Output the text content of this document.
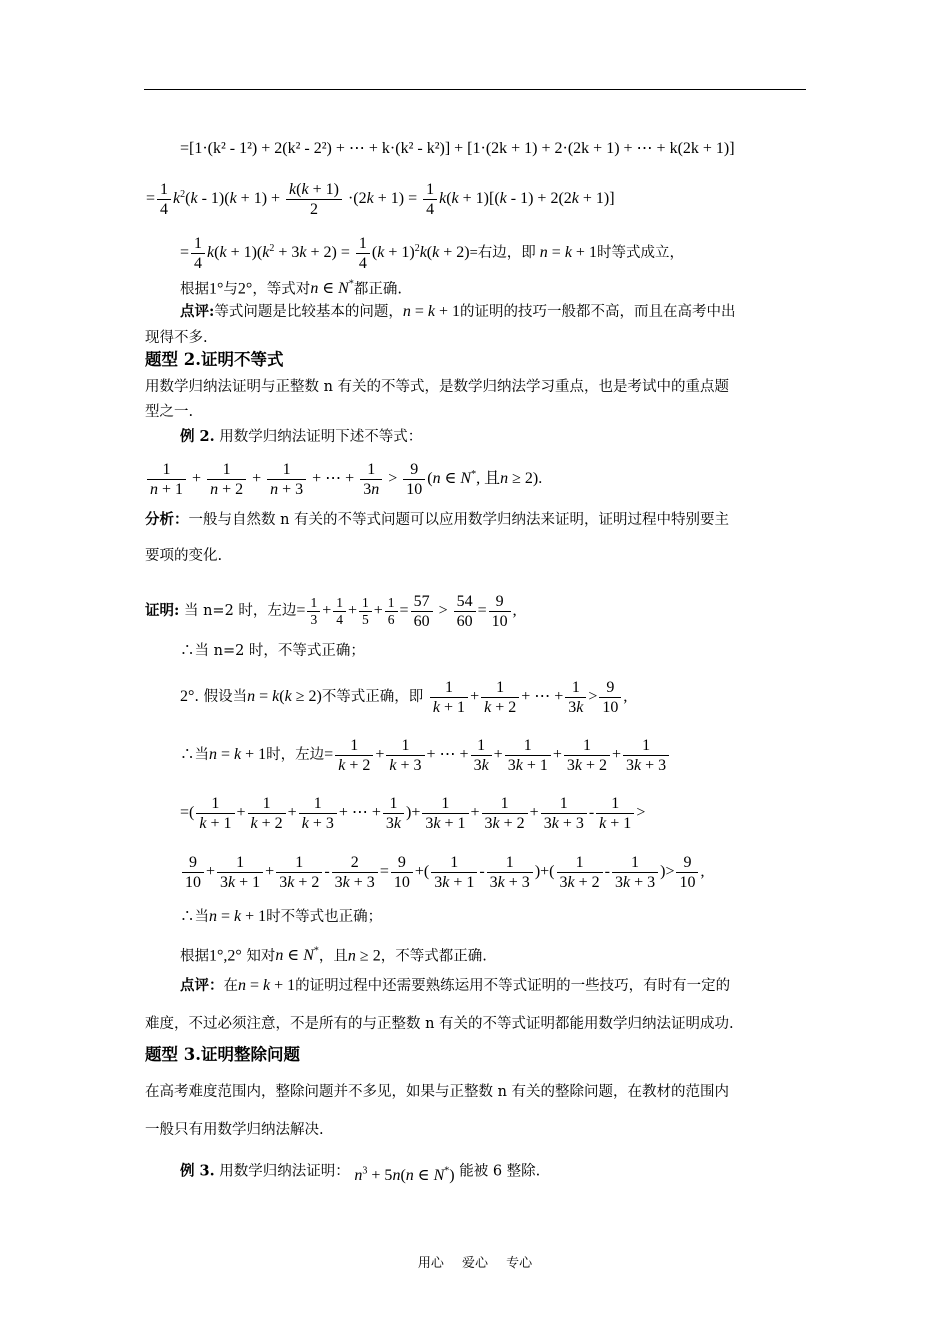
=[1·(k² - 1²) + 2(k² - 2²) + ⋯ + k·(k² - k²)] + [1·(2k + 1) + 2·(2k + 1) + ⋯ + k(2k + 1)]
= $\frac{1}{4} k^2(k - 1)(k + 1) + \frac{k(k + 1)}{2} \cdot(2k + 1) = \frac{1}{4} k(k + 1)[(k - 1) + 2(2k + 1)]$
= $\frac{1}{4} k(k + 1)(k^2 + 3k + 2) = \frac{1}{4} (k + 1)^2k(k + 2)=$右边，即 n = k + 1时等式成立，
根据1°与2°，等式对n ∈ N*都正确.
点评:等式问题是比较基本的问题，n = k + 1的证明的技巧一般都不高，而且在高考中出
现得不多.
题型 2.证明不等式
用数学归纳法证明与正整数 n 有关的不等式，是数学归纳法学习重点，也是考试中的重点题
型之一.
例 2. 用数学归纳法证明下述不等式：
$\frac{1}{n + 1} + \frac{1}{n + 2} + \frac{1}{n + 3}$ + ⋯ + $\frac{1}{3n} > \frac{9}{10} (n$ ∈ N*, 且n ≥ 2).
分析：一般与自然数 n 有关的不等式问题可以应用数学归纳法来证明，证明过程中特别要主
要项的变化.
证明: 当 n=2 时，左边= $\frac{1}{3} + \frac{1}{4} + \frac{1}{5} + \frac{1}{6} = \frac{57}{60} > \frac{54}{60} = \frac{9}{10}$ ,
∴当 n=2 时，不等式正确；
2°. 假设当n = k(k ≥ 2)不等式正确，即 $\frac{1}{k + 1} + \frac{1}{k + 2}$ + ⋯ + $\frac{1}{3k} > \frac{9}{10}$ ,
∴当n = k + 1时，左边= $\frac{1}{k + 2} + \frac{1}{k + 3}$ + ⋯ + $\frac{1}{3k} + \frac{1}{3k + 1} + \frac{1}{3k + 2} + \frac{1}{3k + 3}$
=( $\frac{1}{k + 1} + \frac{1}{k + 2} + \frac{1}{k + 3}$ + ⋯ + $\frac{1}{3k}$ )+ $\frac{1}{3k + 1} + \frac{1}{3k + 2} + \frac{1}{3k + 3} - \frac{1}{k + 1}$ >
$\frac{9}{10} + \frac{1}{3k + 1} + \frac{1}{3k + 2} - \frac{2}{3k + 3} = \frac{9}{10}$ +( $\frac{1}{3k + 1} - \frac{1}{3k + 3}$ )+( $\frac{1}{3k + 2} - \frac{1}{3k + 3}$ )> $\frac{9}{10}$ ,
∴当n = k + 1时不等式也正确；
根据1°,2° 知对n ∈ N*，且n ≥ 2，不等式都正确.
点评：在n = k + 1的证明过程中还需要熟练运用不等式证明的一些技巧，有时有一定的
难度，不过必须注意，不是所有的与正整数 n 有关的不等式证明都能用数学归纳法证明成功.
题型 3.证明整除问题
在高考难度范围内，整除问题并不多见，如果与正整数 n 有关的整除问题，在教材的范围内
一般只有用数学归纳法解决.
例 3. 用数学归纳法证明： $n^3 + 5n(n$ ∈ N*) 能被 6 整除.
用心 爱心 专心
